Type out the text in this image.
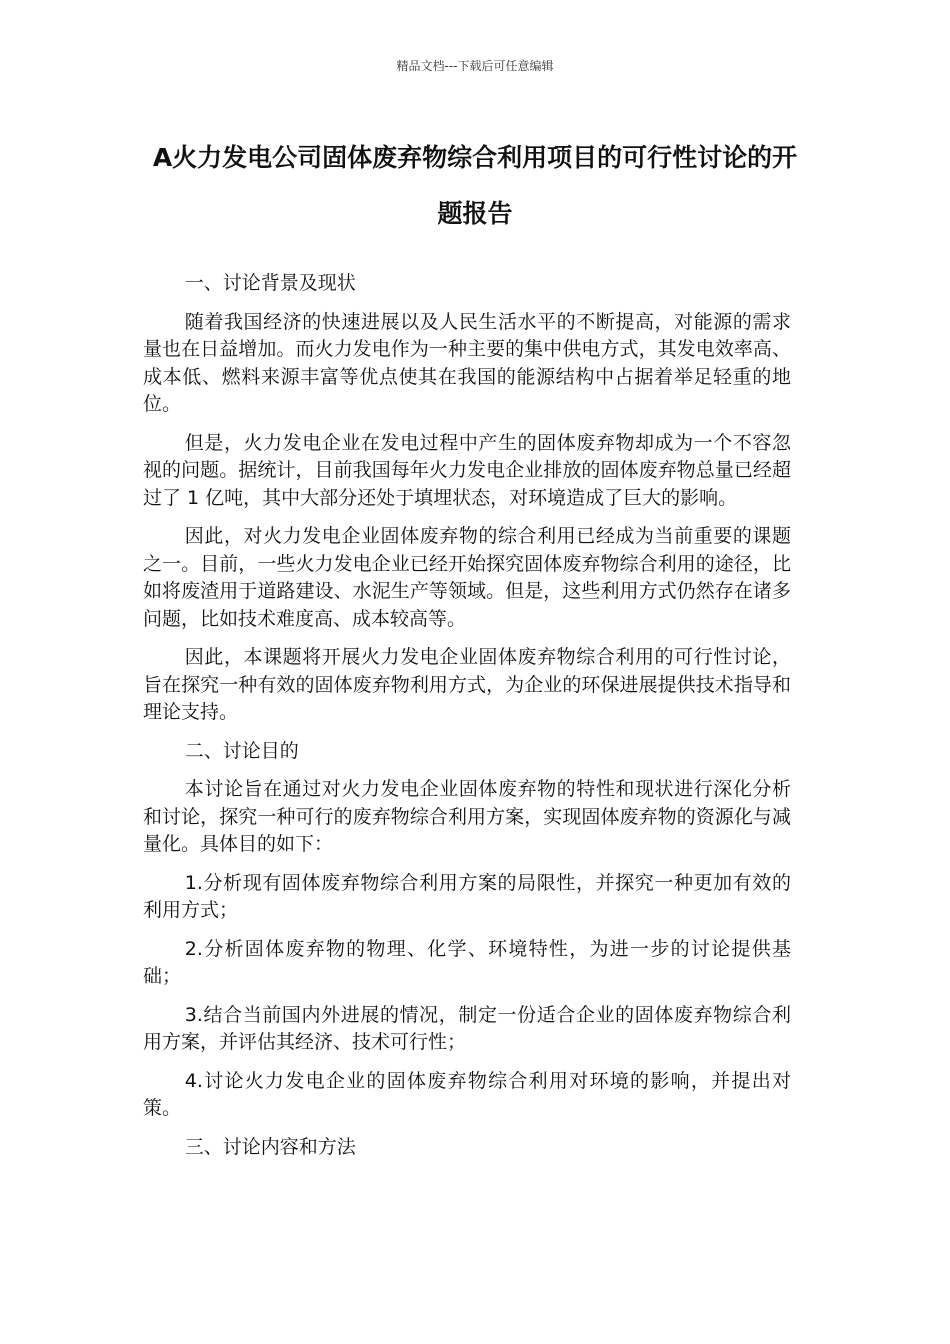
精品文档---下载后可任意编辑
A火力发电公司固体废弃物综合利用项目的可行性讨论的开题报告

一、讨论背景及现状

随着我国经济的快速进展以及人民生活水平的不断提高，对能源的需求量也在日益增加。而火力发电作为一种主要的集中供电方式，其发电效率高、成本低、燃料来源丰富等优点使其在我国的能源结构中占据着举足轻重的地位。

但是，火力发电企业在发电过程中产生的固体废弃物却成为一个不容忽视的问题。据统计，目前我国每年火力发电企业排放的固体废弃物总量已经超过了 1 亿吨，其中大部分还处于填埋状态，对环境造成了巨大的影响。

因此，对火力发电企业固体废弃物的综合利用已经成为当前重要的课题之一。目前，一些火力发电企业已经开始探究固体废弃物综合利用的途径，比如将废渣用于道路建设、水泥生产等领域。但是，这些利用方式仍然存在诸多问题，比如技术难度高、成本较高等。

因此，本课题将开展火力发电企业固体废弃物综合利用的可行性讨论，旨在探究一种有效的固体废弃物利用方式，为企业的环保进展提供技术指导和理论支持。

二、讨论目的

本讨论旨在通过对火力发电企业固体废弃物的特性和现状进行深化分析和讨论，探究一种可行的废弃物综合利用方案，实现固体废弃物的资源化与减量化。具体目的如下：

1.分析现有固体废弃物综合利用方案的局限性，并探究一种更加有效的利用方式；

2.分析固体废弃物的物理、化学、环境特性，为进一步的讨论提供基础；

3.结合当前国内外进展的情况，制定一份适合企业的固体废弃物综合利用方案，并评估其经济、技术可行性；

4.讨论火力发电企业的固体废弃物综合利用对环境的影响，并提出对策。

三、讨论内容和方法
